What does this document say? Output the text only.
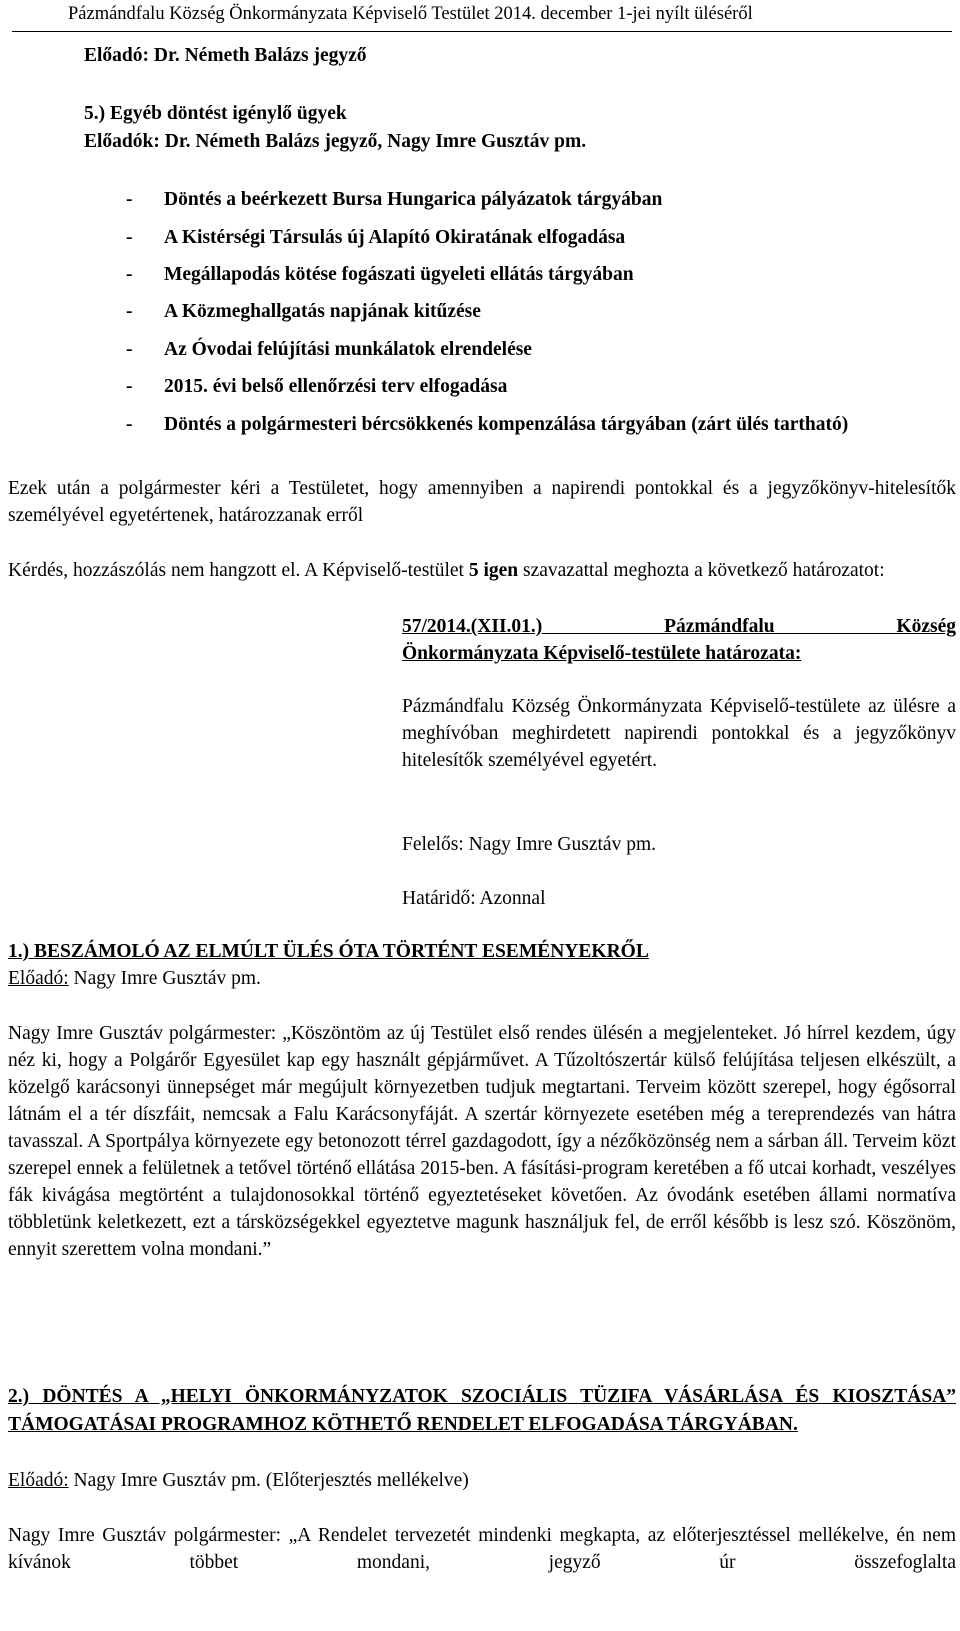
Pázmándfalu Község Önkormányzata Képviselő Testület 2014. december 1-jei nyílt üléséről
Előadó: Dr. Németh Balázs jegyző
5.) Egyéb döntést igénylő ügyek
Előadók: Dr. Németh Balázs jegyző, Nagy Imre Gusztáv pm.
- Döntés a beérkezett Bursa Hungarica pályázatok tárgyában
- A Kistérségi Társulás új Alapító Okiratának elfogadása
- Megállapodás kötése fogászati ügyeleti ellátás tárgyában
- A Közmeghallgatás napjának kitűzése
- Az Óvodai felújítási munkálatok elrendelése
- 2015. évi belső ellenőrzési terv elfogadása
- Döntés a polgármesteri bércsökkenés kompenzálása tárgyában (zárt ülés tartható)
Ezek után a polgármester kéri a Testületet, hogy amennyiben a napirendi pontokkal és a jegyzőkönyv-hitelesítők személyével egyetértenek, határozzanak erről
Kérdés, hozzászólás nem hangzott el. A Képviselő-testület 5 igen szavazattal meghozta a következő határozatot:
57/2014.(XII.01.)	Pázmándfalu Község
Önkormányzata Képviselő-testülete határozata:
Pázmándfalu Község Önkormányzata Képviselő-testülete az ülésre a meghívóban meghirdetett napirendi pontokkal és a jegyzőkönyv hitelesítők személyével egyetért.
Felelős: Nagy Imre Gusztáv pm.
Határidő: Azonnal
1.) BESZÁMOLÓ AZ ELMÚLT ÜLÉS ÓTA TÖRTÉNT ESEMÉNYEKRŐL
Előadó: Nagy Imre Gusztáv pm.
Nagy Imre Gusztáv polgármester: „Köszöntöm az új Testület első rendes ülésén a megjelenteket. Jó hírrel kezdem, úgy néz ki, hogy a Polgárőr Egyesület kap egy használt gépjárművet. A Tűzoltószertár külső felújítása teljesen elkészült, a közelgő karácsonyi ünnepséget már megújult környezetben tudjuk megtartani. Terveim között szerepel, hogy égősorral látnám el a tér díszfáit, nemcsak a Falu Karácsonyfáját. A szertár környezete esetében még a tereprendezés van hátra tavasszal. A Sportpálya környezete egy betonozott térrel gazdagodott, így a nézőközönség nem a sárban áll. Terveim közt szerepel ennek a felületnek a tetővel történő ellátása 2015-ben. A fásítási-program keretében a fő utcai korhadt, veszélyes fák kivágása megtörtént a tulajdonosokkal történő egyeztetéseket követően. Az óvodánk esetében állami normatíva többletünk keletkezett, ezt a társközségekkel egyeztetve magunk használjuk fel, de erről később is lesz szó. Köszönöm, ennyit szerettem volna mondani.”
2.) DÖNTÉS A „HELYI ÖNKORMÁNYZATOK SZOCIÁLIS TÜZIFA VÁSÁRLÁSA ÉS KIOSZTÁSA” TÁMOGATÁSAI PROGRAMHOZ KÖTHETŐ RENDELET ELFOGADÁSA TÁRGYÁBAN.
Előadó: Nagy Imre Gusztáv pm. (Előterjesztés mellékelve)
Nagy Imre Gusztáv polgármester: „A Rendelet tervezetét mindenki megkapta, az előterjesztéssel mellékelve, én nem kívánok többet mondani, jegyző úr összefoglalta
